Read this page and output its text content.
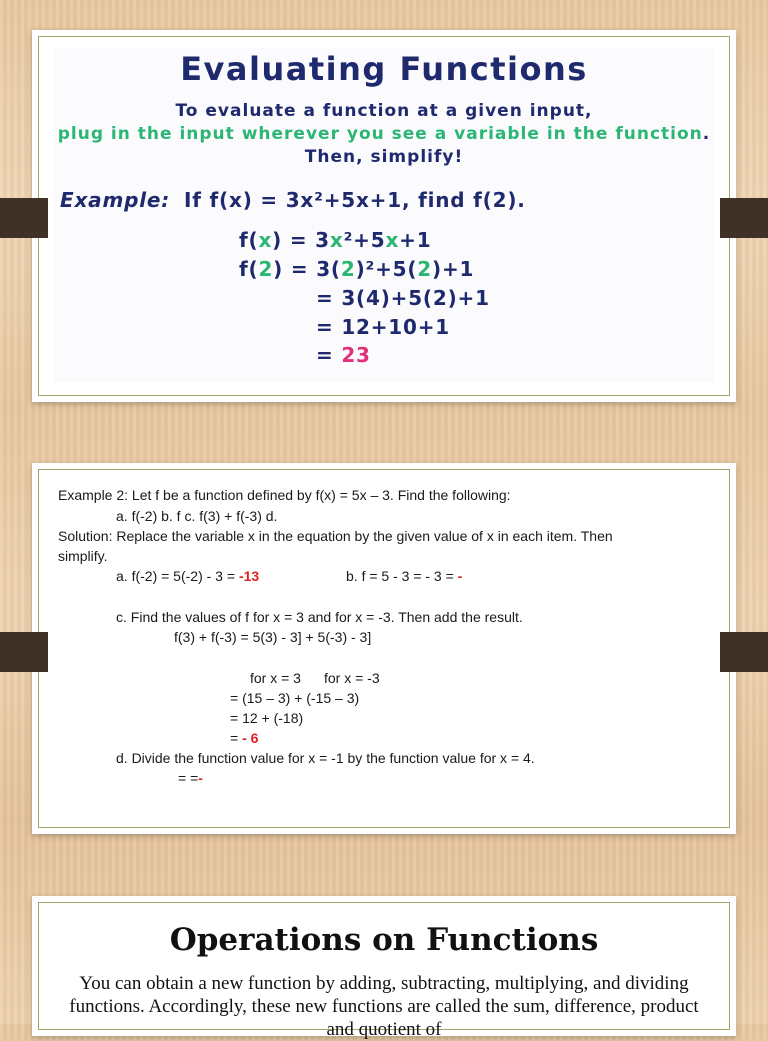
Evaluating Functions
To evaluate a function at a given input,
plug in the input wherever you see a variable in the function. Then, simplify!
Example: If f(x) = 3x²+5x+1, find f(2).
f(x) = 3x²+5x+1
f(2) = 3(2)²+5(2)+1
= 3(4)+5(2)+1
= 12+10+1
= 23
Example 2: Let f be a function defined by f(x) = 5x – 3. Find the following:
a. f(-2) b. f c. f(3) + f(-3) d.
Solution: Replace the variable x in the equation by the given value of x in each item. Then
simplify.
a. f(-2) = 5(-2) - 3 = -13	b. f = 5 - 3 = - 3 = -
c. Find the values of f for x = 3 and for x = -3. Then add the result.
f(3) + f(-3) = 5(3) - 3] + 5(-3) - 3]
for x = 3 for x = -3
= (15 – 3) + (-15 – 3)
= 12 + (-18)
= - 6
d. Divide the function value for x = -1 by the function value for x = 4.
= =-
Operations on Functions
You can obtain a new function by adding, subtracting, multiplying, and dividing functions. Accordingly, these new functions are called the sum, difference, product and quotient of
